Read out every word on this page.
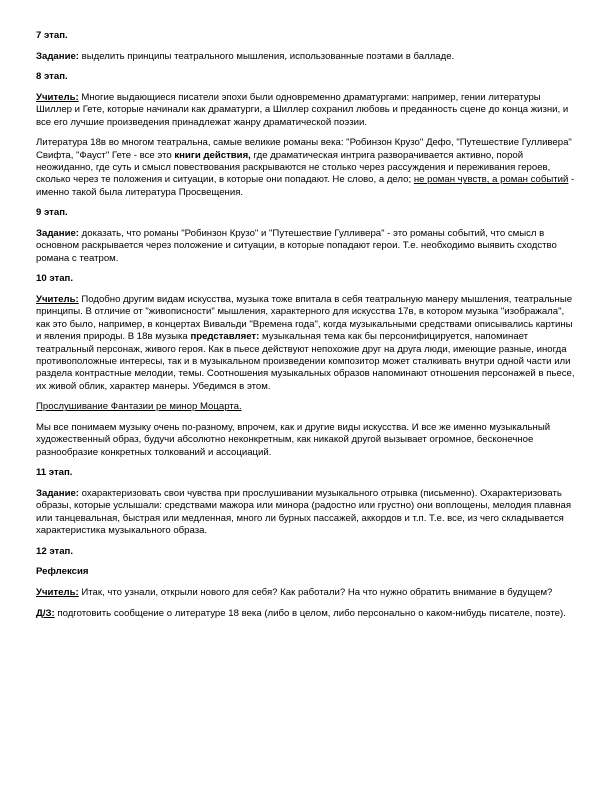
7 этап.

Задание: выделить принципы театрального мышления, использованные поэтами в балладе.

8 этап.

Учитель: Многие выдающиеся писатели эпохи были одновременно драматургами: например, гении литературы Шиллер и Гете, которые начинали как драматурги, а Шиллер сохранил любовь и преданность сцене до конца жизни, и все его лучшие произведения принадлежат жанру драматической поэзии.

Литература 18в во многом театральна, самые великие романы века: "Робинзон Крузо" Дефо, "Путешествие Гулливера" Свифта, "Фауст" Гете - все это книги действия, где драматическая интрига разворачивается активно, порой неожиданно, где суть и смысл повествования раскрываются не столько через рассуждения и переживания героев, сколько через те положения и ситуации, в которые они попадают. Не слово, а дело; не роман чувств, а роман событий - именно такой была литература Просвещения.

9 этап.

Задание: доказать, что романы "Робинзон Крузо" и "Путешествие Гулливера" - это романы событий, что смысл в основном раскрывается через положение и ситуации, в которые попадают герои. Т.е. необходимо выявить сходство романа с театром.

10 этап.

Учитель: Подобно другим видам искусства, музыка тоже впитала в себя театральную манеру мышления, театральные принципы. В отличие от "живописности" мышления, характерного для искусства 17в, в котором музыка "изображала", как это было, например, в концертах Вивальди "Времена года", когда музыкальными средствами описывались картины и явления природы. В 18в музыка представляет: музыкальная тема как бы персонифицируется, напоминает театральный персонаж, живого героя. Как в пьесе действуют непохожие друг на друга люди, имеющие разные, иногда противоположные интересы, так и в музыкальном произведении композитор может сталкивать внутри одной части или раздела контрастные мелодии, темы. Соотношения музыкальных образов напоминают отношения персонажей в пьесе, их живой облик, характер манеры. Убедимся в этом.

Прослушивание Фантазии ре минор Моцарта.

Мы все понимаем музыку очень по-разному, впрочем, как и другие виды искусства. И все же именно музыкальный художественный образ, будучи абсолютно неконкретным, как никакой другой вызывает огромное, бесконечное разнообразие конкретных толкований и ассоциаций.

11 этап.

Задание: охарактеризовать свои чувства при прослушивании музыкального отрывка (письменно). Охарактеризовать образы, которые услышали: средствами мажора или минора (радостно или грустно) они воплощены, мелодия плавная или танцевальная, быстрая или медленная, много ли бурных пассажей, аккордов и т.п. Т.е. все, из чего складывается характеристика музыкального образа.

12 этап.

Рефлексия

Учитель: Итак, что узнали, открыли нового для себя? Как работали? На что нужно обратить внимание в будущем?

Д/З: подготовить сообщение о литературе 18 века (либо в целом, либо персонально о каком-нибудь писателе, поэте).
